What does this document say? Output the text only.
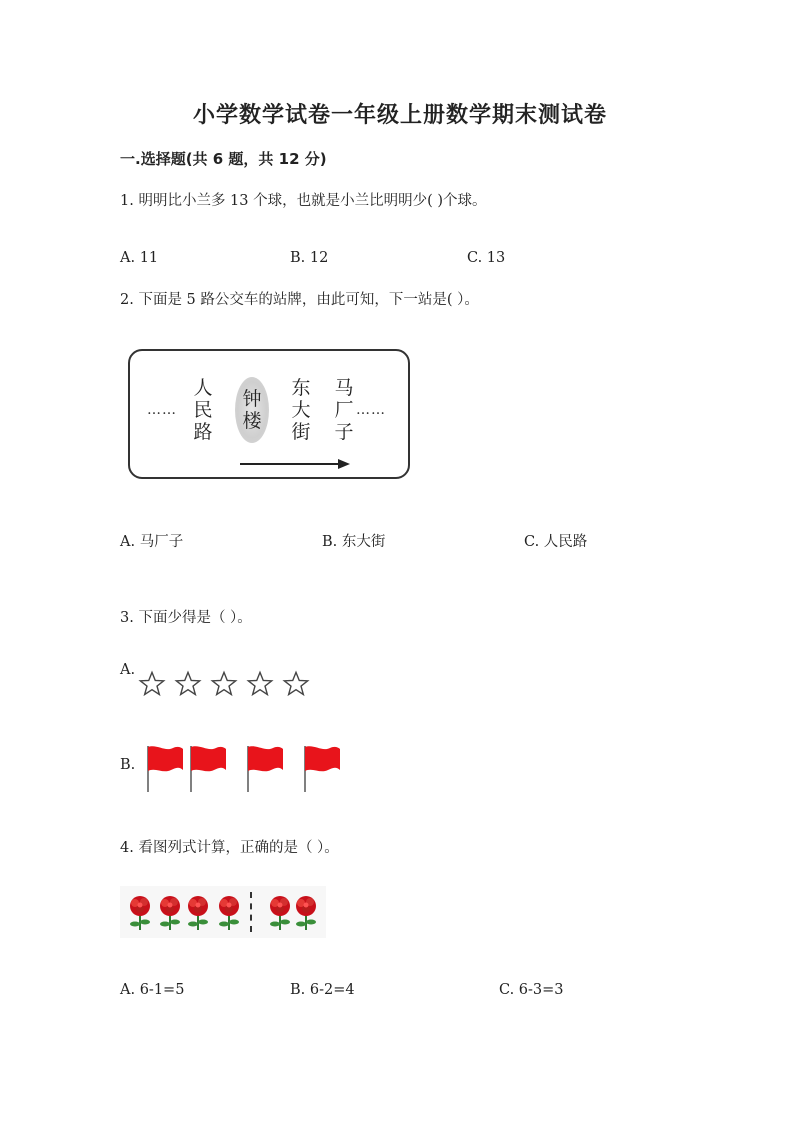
小学数学试卷一年级上册数学期末测试卷
一.选择题(共 6 题，共 12 分)
1. 明明比小兰多 13 个球，也就是小兰比明明少( )个球。
A. 11	B. 12	C. 13
2. 下面是 5 路公交车的站牌，由此可知，下一站是( ）。
……
人民路
钟楼
东大街
马厂子
……
A. 马厂子	B. 东大街	C. 人民路
3. 下面少得是（ ）。
A.
B.
4. 看图列式计算，正确的是（ ）。
A. 6-1=5	B. 6-2=4	C. 6-3=3
